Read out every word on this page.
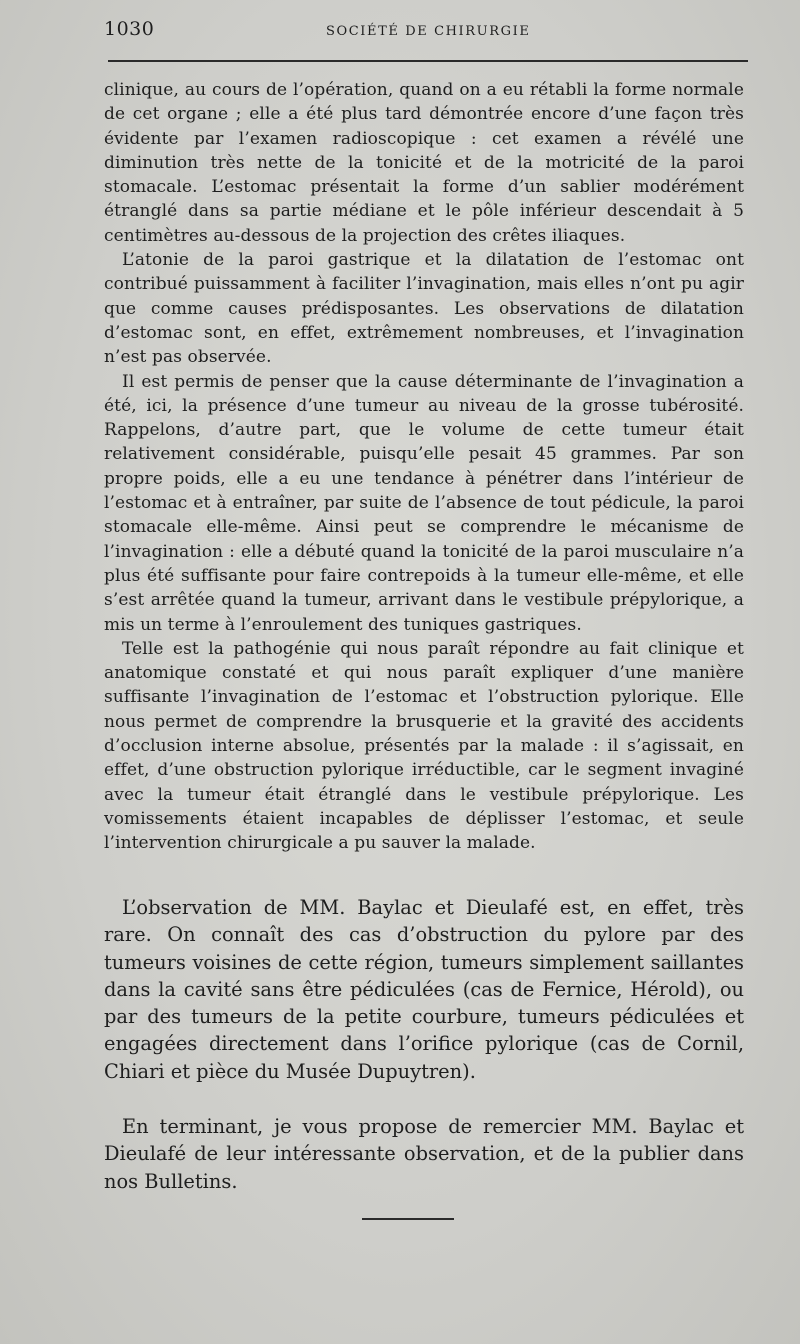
1030	SOCIÉTÉ DE CHIRURGIE

clinique, au cours de l’opération, quand on a eu rétabli la forme normale de cet organe ; elle a été plus tard démontrée encore d’une façon très évidente par l’examen radioscopique : cet examen a révélé une diminution très nette de la tonicité et de la motricité de la paroi stomacale. L’estomac présentait la forme d’un sablier modérément étranglé dans sa partie médiane et le pôle inférieur descendait à 5 centimètres au-dessous de la projection des crêtes iliaques.

L’atonie de la paroi gastrique et la dilatation de l’estomac ont contribué puissamment à faciliter l’invagination, mais elles n’ont pu agir que comme causes prédisposantes. Les observations de dilatation d’estomac sont, en effet, extrêmement nombreuses, et l’invagination n’est pas observée.

Il est permis de penser que la cause déterminante de l’invagination a été, ici, la présence d’une tumeur au niveau de la grosse tubérosité. Rappelons, d’autre part, que le volume de cette tumeur était relativement considérable, puisqu’elle pesait 45 grammes. Par son propre poids, elle a eu une tendance à pénétrer dans l’intérieur de l’estomac et à entraîner, par suite de l’absence de tout pédicule, la paroi stomacale elle-même. Ainsi peut se comprendre le mécanisme de l’invagination : elle a débuté quand la tonicité de la paroi musculaire n’a plus été suffisante pour faire contrepoids à la tumeur elle-même, et elle s’est arrêtée quand la tumeur, arrivant dans le vestibule prépylorique, a mis un terme à l’enroulement des tuniques gastriques.

Telle est la pathogénie qui nous paraît répondre au fait clinique et anatomique constaté et qui nous paraît expliquer d’une manière suffisante l’invagination de l’estomac et l’obstruction pylorique. Elle nous permet de comprendre la brusquerie et la gravité des accidents d’occlusion interne absolue, présentés par la malade : il s’agissait, en effet, d’une obstruction pylorique irréductible, car le segment invaginé avec la tumeur était étranglé dans le vestibule prépylorique. Les vomissements étaient incapables de déplisser l’estomac, et seule l’intervention chirurgicale a pu sauver la malade.

L’observation de MM. Baylac et Dieulafé est, en effet, très rare. On connaît des cas d’obstruction du pylore par des tumeurs voisines de cette région, tumeurs simplement saillantes dans la cavité sans être pédiculées (cas de Fernice, Hérold), ou par des tumeurs de la petite courbure, tumeurs pédiculées et engagées directement dans l’orifice pylorique (cas de Cornil, Chiari et pièce du Musée Dupuytren).

En terminant, je vous propose de remercier MM. Baylac et Dieulafé de leur intéressante observation, et de la publier dans nos Bulletins.
